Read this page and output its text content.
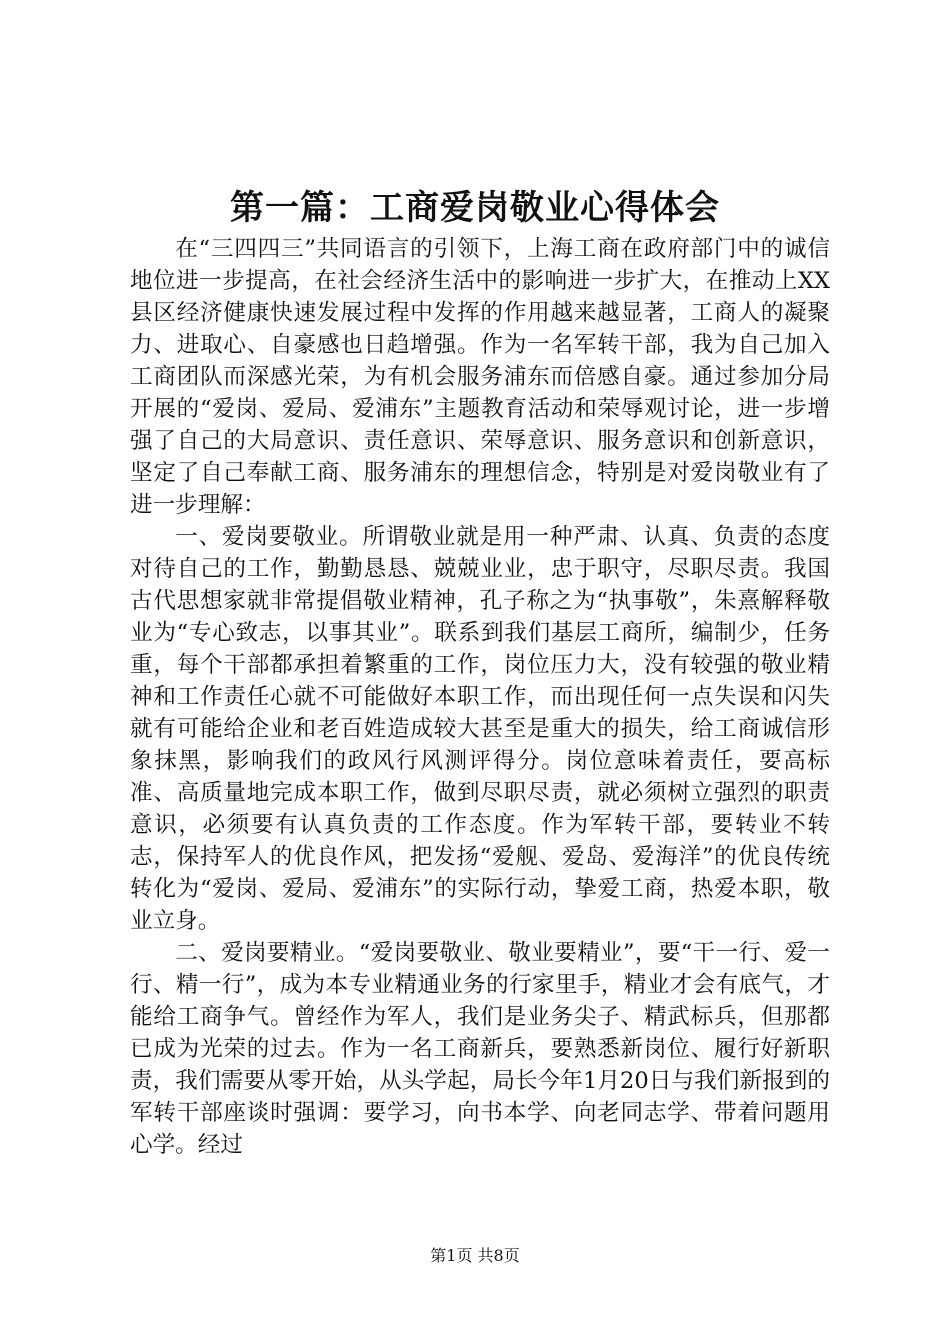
第一篇：工商爱岗敬业心得体会

在“三四四三”共同语言的引领下，上海工商在政府部门中的诚信地位进一步提高，在社会经济生活中的影响进一步扩大，在推动上XX县区经济健康快速发展过程中发挥的作用越来越显著，工商人的凝聚力、进取心、自豪感也日趋增强。作为一名军转干部，我为自己加入工商团队而深感光荣，为有机会服务浦东而倍感自豪。通过参加分局开展的“爱岗、爱局、爱浦东”主题教育活动和荣辱观讨论，进一步增强了自己的大局意识、责任意识、荣辱意识、服务意识和创新意识，坚定了自己奉献工商、服务浦东的理想信念，特别是对爱岗敬业有了进一步理解：

一、爱岗要敬业。所谓敬业就是用一种严肃、认真、负责的态度对待自己的工作，勤勤恳恳、兢兢业业，忠于职守，尽职尽责。我国古代思想家就非常提倡敬业精神，孔子称之为“执事敬”，朱熹解释敬业为“专心致志，以事其业”。联系到我们基层工商所，编制少，任务重，每个干部都承担着繁重的工作，岗位压力大，没有较强的敬业精神和工作责任心就不可能做好本职工作，而出现任何一点失误和闪失就有可能给企业和老百姓造成较大甚至是重大的损失，给工商诚信形象抹黑，影响我们的政风行风测评得分。岗位意味着责任，要高标准、高质量地完成本职工作，做到尽职尽责，就必须树立强烈的职责意识，必须要有认真负责的工作态度。作为军转干部，要转业不转志，保持军人的优良作风，把发扬“爱舰、爱岛、爱海洋”的优良传统转化为“爱岗、爱局、爱浦东”的实际行动，挚爱工商，热爱本职，敬业立身。

二、爱岗要精业。“爱岗要敬业、敬业要精业”，要“干一行、爱一行、精一行”，成为本专业精通业务的行家里手，精业才会有底气，才能给工商争气。曾经作为军人，我们是业务尖子、精武标兵，但那都已成为光荣的过去。作为一名工商新兵，要熟悉新岗位、履行好新职责，我们需要从零开始，从头学起，局长今年1月20日与我们新报到的军转干部座谈时强调：要学习，向书本学、向老同志学、带着问题用心学。经过

第1页 共8页
